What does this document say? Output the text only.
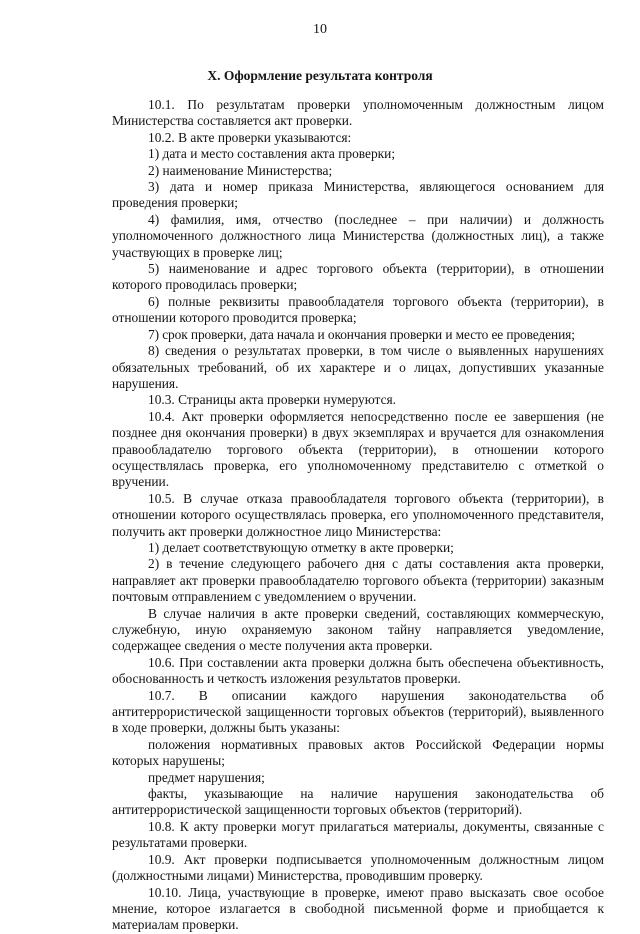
10
X. Оформление результата контроля

10.1. По результатам проверки уполномоченным должностным лицом Министерства составляется акт проверки.

10.2. В акте проверки указываются:

1) дата и место составления акта проверки;

2) наименование Министерства;

3) дата и номер приказа Министерства, являющегося основанием для проведения проверки;

4) фамилия, имя, отчество (последнее – при наличии) и должность уполномоченного должностного лица Министерства (должностных лиц), а также участвующих в проверке лиц;

5) наименование и адрес торгового объекта (территории), в отношении которого проводилась проверки;

6) полные реквизиты правообладателя торгового объекта (территории), в отношении которого проводится проверка;

7) срок проверки, дата начала и окончания проверки и место ее проведения;

8) сведения о результатах проверки, в том числе о выявленных нарушениях обязательных требований, об их характере и о лицах, допустивших указанные нарушения.

10.3. Страницы акта проверки нумеруются.

10.4. Акт проверки оформляется непосредственно после ее завершения (не позднее дня окончания проверки) в двух экземплярах и вручается для ознакомления правообладателю торгового объекта (территории), в отношении которого осуществлялась проверка, его уполномоченному представителю с отметкой о вручении.

10.5. В случае отказа правообладателя торгового объекта (территории), в отношении которого осуществлялась проверка, его уполномоченного представителя, получить акт проверки должностное лицо Министерства:

1) делает соответствующую отметку в акте проверки;

2) в течение следующего рабочего дня с даты составления акта проверки, направляет акт проверки правообладателю торгового объекта (территории) заказным почтовым отправлением с уведомлением о вручении.

В случае наличия в акте проверки сведений, составляющих коммерческую, служебную, иную охраняемую законом тайну направляется уведомление, содержащее сведения о месте получения акта проверки.

10.6. При составлении акта проверки должна быть обеспечена объективность, обоснованность и четкость изложения результатов проверки.

10.7. В описании каждого нарушения законодательства об антитеррористической защищенности торговых объектов (территорий), выявленного в ходе проверки, должны быть указаны:

положения нормативных правовых актов Российской Федерации нормы которых нарушены;

предмет нарушения;

факты, указывающие на наличие нарушения законодательства об антитеррористической защищенности торговых объектов (территорий).

10.8. К акту проверки могут прилагаться материалы, документы, связанные с результатами проверки.

10.9. Акт проверки подписывается уполномоченным должностным лицом (должностными лицами) Министерства, проводившим проверку.

10.10. Лица, участвующие в проверке, имеют право высказать свое особое мнение, которое излагается в свободной письменной форме и приобщается к материалам проверки.
